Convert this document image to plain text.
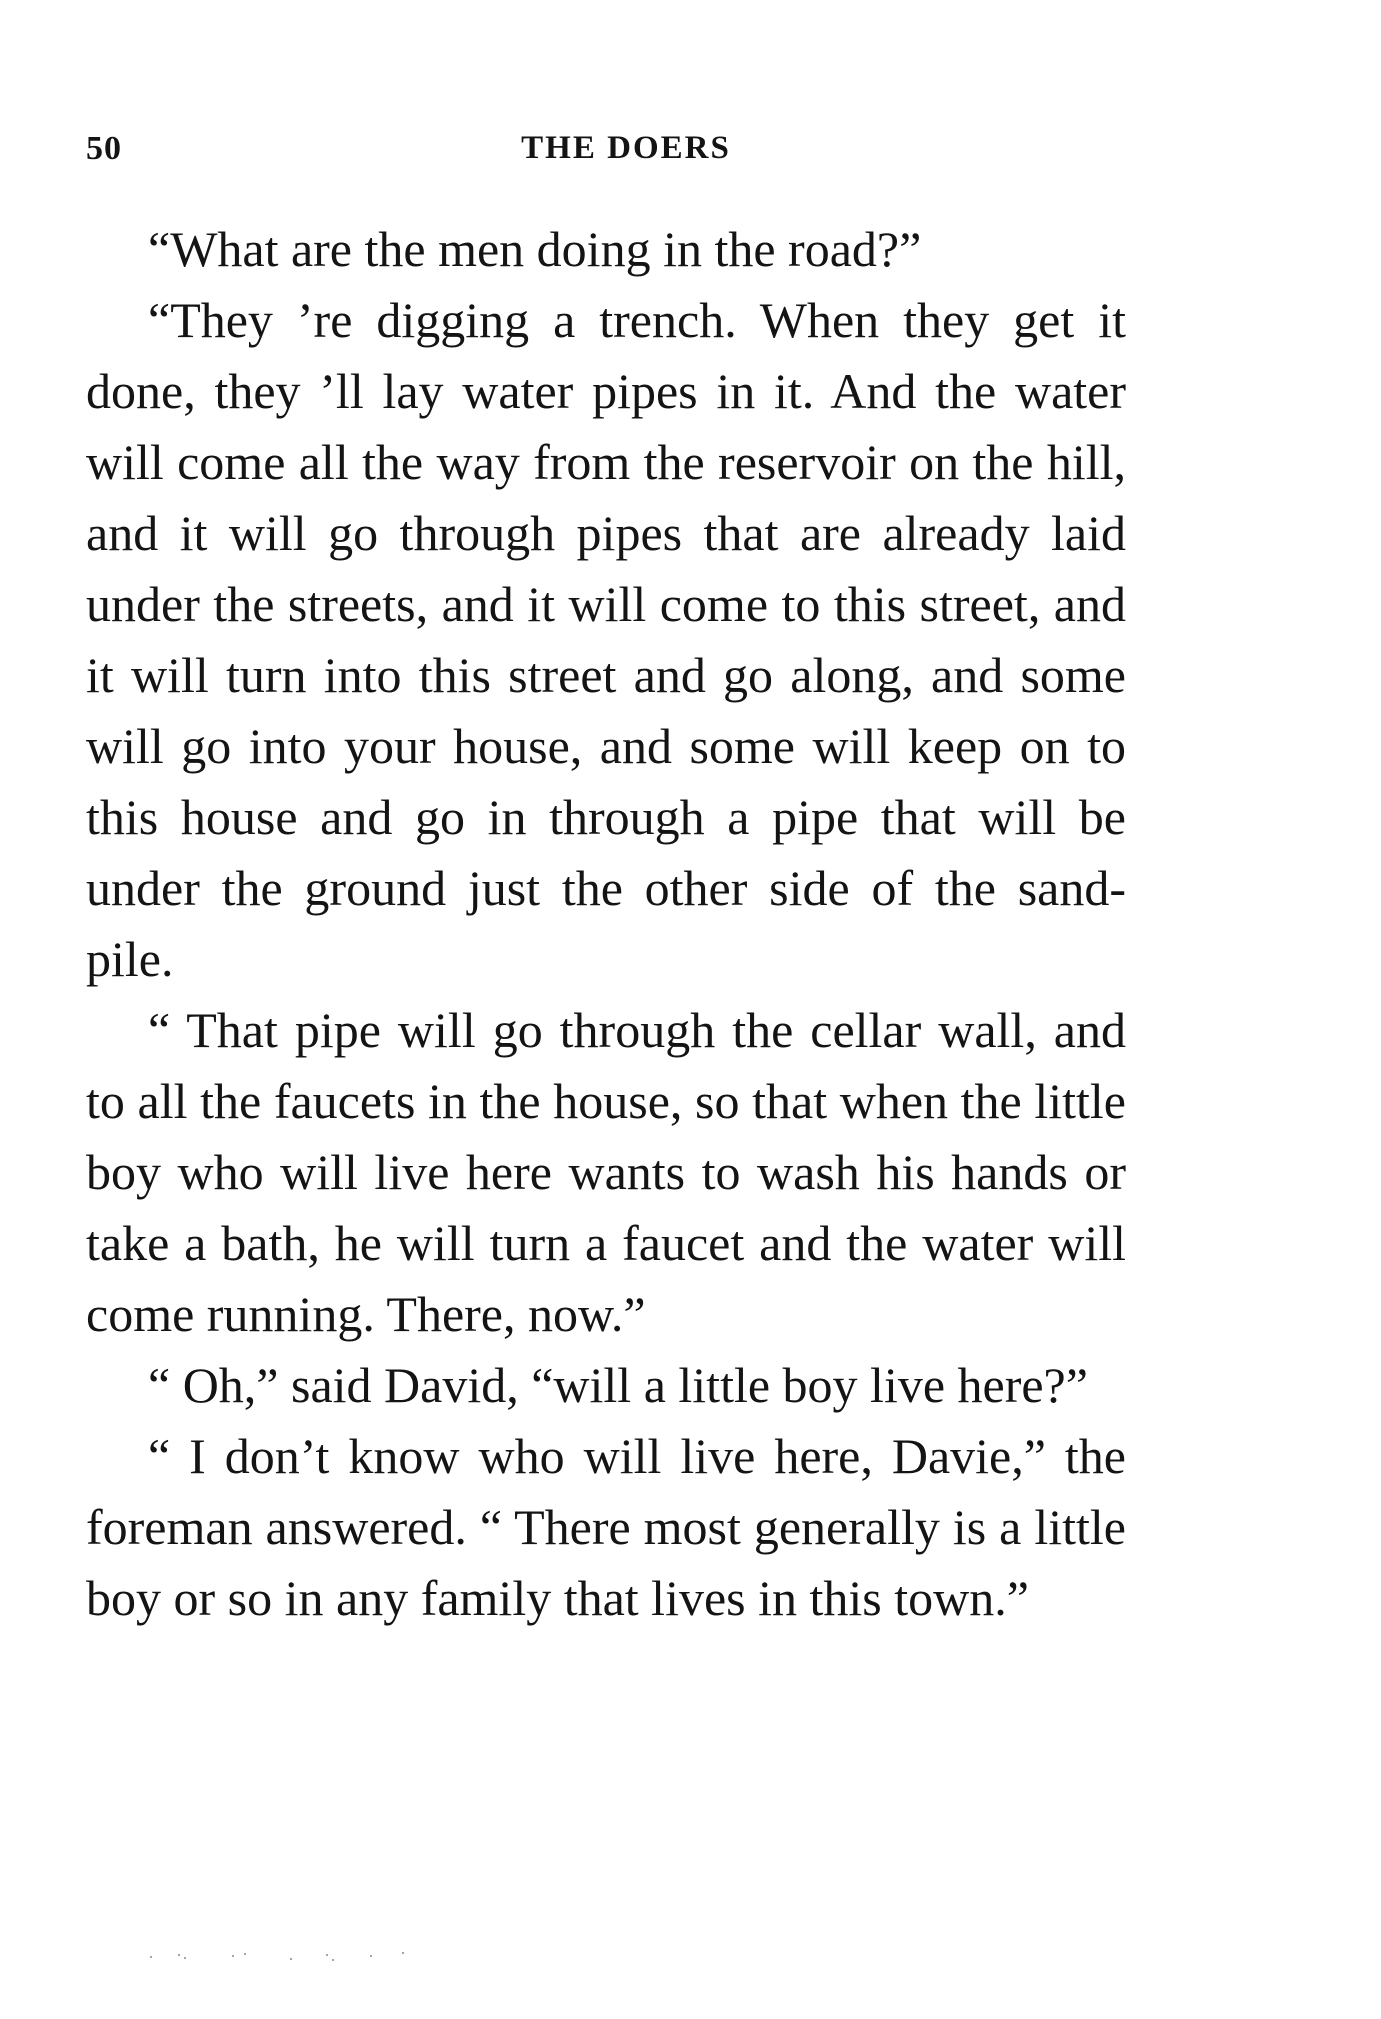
50	THE DOERS

“What are the men doing in the road?”

“They ’re digging a trench. When they get it done, they ’ll lay water pipes in it. And the water will come all the way from the reservoir on the hill, and it will go through pipes that are already laid under the streets, and it will come to this street, and it will turn into this street and go along, and some will go into your house, and some will keep on to this house and go in through a pipe that will be under the ground just the other side of the sand-pile.

“ That pipe will go through the cellar wall, and to all the faucets in the house, so that when the little boy who will live here wants to wash his hands or take a bath, he will turn a faucet and the water will come running. There, now.”

“ Oh,” said David, “will a little boy live here?”

“ I don’t know who will live here, Davie,” the foreman answered. “ There most generally is a little boy or so in any family that lives in this town.”
